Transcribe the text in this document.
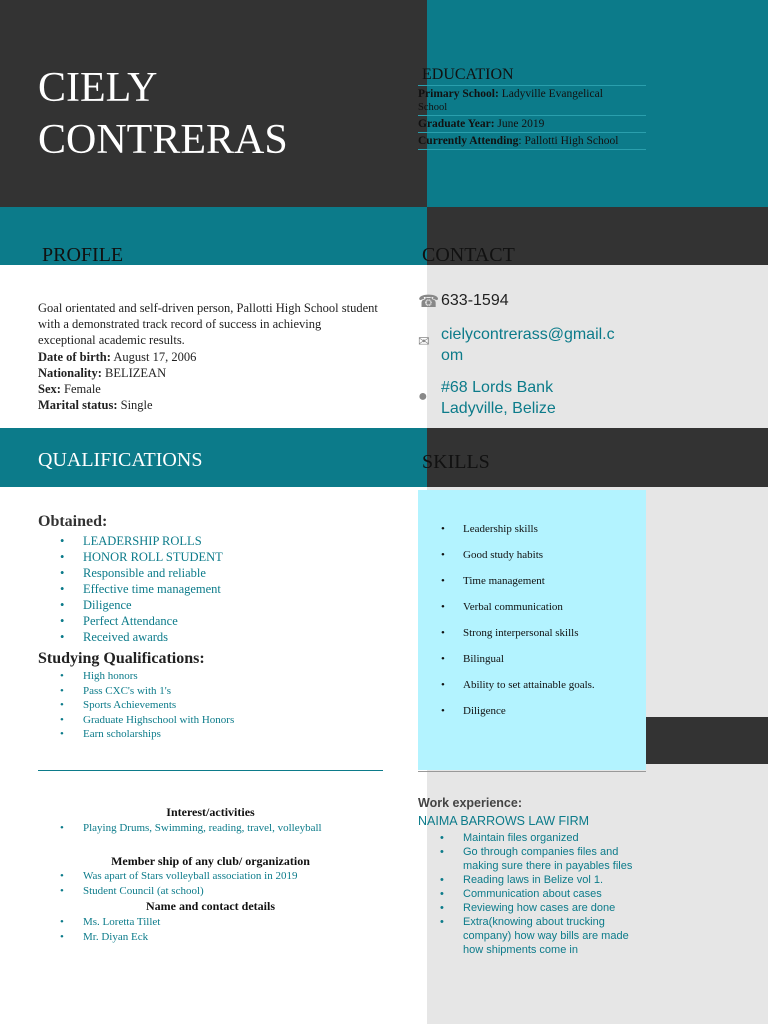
CIELY
CONTRERAS
EDUCATION
Primary School: Ladyville Evangelical
School
Graduate Year: June 2019
Currently Attending: Pallotti High School
PROFILE

Goal orientated and self-driven person, Pallotti High School student with a demonstrated track record of success in achieving exceptional academic results.

Date of birth: August 17, 2006

Nationality: BELIZEAN

Sex: Female

Marital status: Single

CONTACT
☎ 633-1594
✉ cielycontrerass@gmail.c
om
●
#68 Lords Bank
Ladyville, Belize
QUALIFICATIONS
Obtained:
• LEADERSHIP ROLLS
• HONOR ROLL STUDENT
• Responsible and reliable
• Effective time management
• Diligence
• Perfect Attendance
• Received awards
Studying Qualifications:
• High honors
• Pass CXC's with 1's
• Sports Achievements
• Graduate Highschool with Honors
• Earn scholarships
SKILLS
• Leadership skills
• Good study habits
• Time management
• Verbal communication
• Strong interpersonal skills
• Bilingual
• Ability to set attainable goals.
• Diligence
Interest/activities
• Playing Drums, Swimming, reading, travel, volleyball
Member ship of any club/ organization
• Was apart of Stars volleyball association in 2019
• Student Council (at school)
Name and contact details
• Ms. Loretta Tillet
• Mr. Diyan Eck
Work experience:
NAIMA BARROWS LAW FIRM
• Maintain files organized
• Go through companies files and making sure there in payables files
• Reading laws in Belize vol 1.
• Communication about cases
• Reviewing how cases are done
• Extra(knowing about trucking company) how way bills are made how shipments come in
